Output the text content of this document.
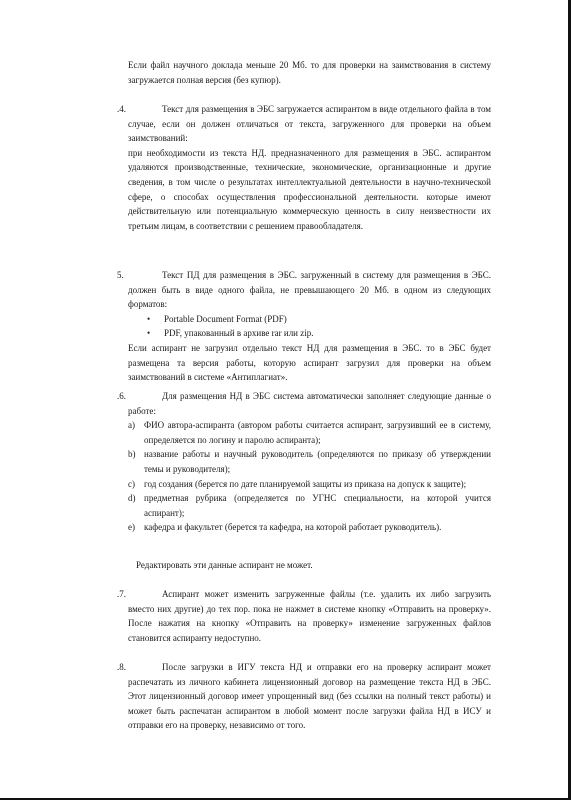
Если файл научного доклада меньше 20 Мб. то для проверки на заимствования в систему загружается полная версия (без купюр).

.4.	Текст для размещения в ЭБС загружается аспирантом в виде отдельного файла в том случае, если он должен отличаться от текста, загруженного для проверки на объем заимствований:

при необходимости из текста НД. предназначенного для размещения в ЭБС. аспирантом удаляются производственные, технические, экономические, организационные и другие сведения, в том числе о результатах интеллектуальной деятельности в научно-технической сфере, о способах осуществления профессиональной деятельности. которые имеют действительную или потенциальную коммерческую ценность в силу неизвестности их третьим лицам, в соответствии с решением правообладателя.

5.	Текст ПД для размещения в ЭБС. загруженный в систему для размещения в ЭБС. должен быть в виде одного файла, не превышающего 20 Мб. в одном из следующих форматов:

• Portable Document Format (PDF)
• PDF, упакованный в архиве rar или zip.

Если аспирант не загрузил отдельно текст НД для размещения в ЭБС. то в ЭБС будет размещена та версия работы, которую аспирант загрузил для проверки на объем заимствований в системе «Антиплагиат».

.6.	Для размещения НД в ЭБС система автоматически заполняет следующие данные о работе:

a) ФИО автора-аспиранта (автором работы считается аспирант, загрузивший ее в систему, определяется по логину и паролю аспиранта);
b) название работы и научный руководитель (определяются по приказу об утверждении темы и руководителя);
c) год создания (берется по дате планируемой защиты из приказа на допуск к защите);
d) предметная рубрика (определяется по УГНС специальности, на которой учится аспирант);
e) кафедра и факультет (берется та кафедра, на которой работает руководитель).

Редактировать эти данные аспирант не может.

.7.	Аспирант может изменить загруженные файлы (т.е. удалить их либо загрузить вместо них другие) до тех пор. пока не нажмет в системе кнопку «Отправить на проверку». После нажатия на кнопку «Отправить на проверку» изменение загруженных файлов становится аспиранту недоступно.

.8.	После загрузки в ИГУ текста НД и отправки его на проверку аспирант может распечатать из личного кабинета лицензионный договор на размещение текста НД в ЭБС. Этот лицензионный договор имеет упрощенный вид (без ссылки на полный текст работы) и может быть распечатан аспирантом в любой момент после загрузки файла НД в ИСУ и отправки его на проверку, независимо от того.
